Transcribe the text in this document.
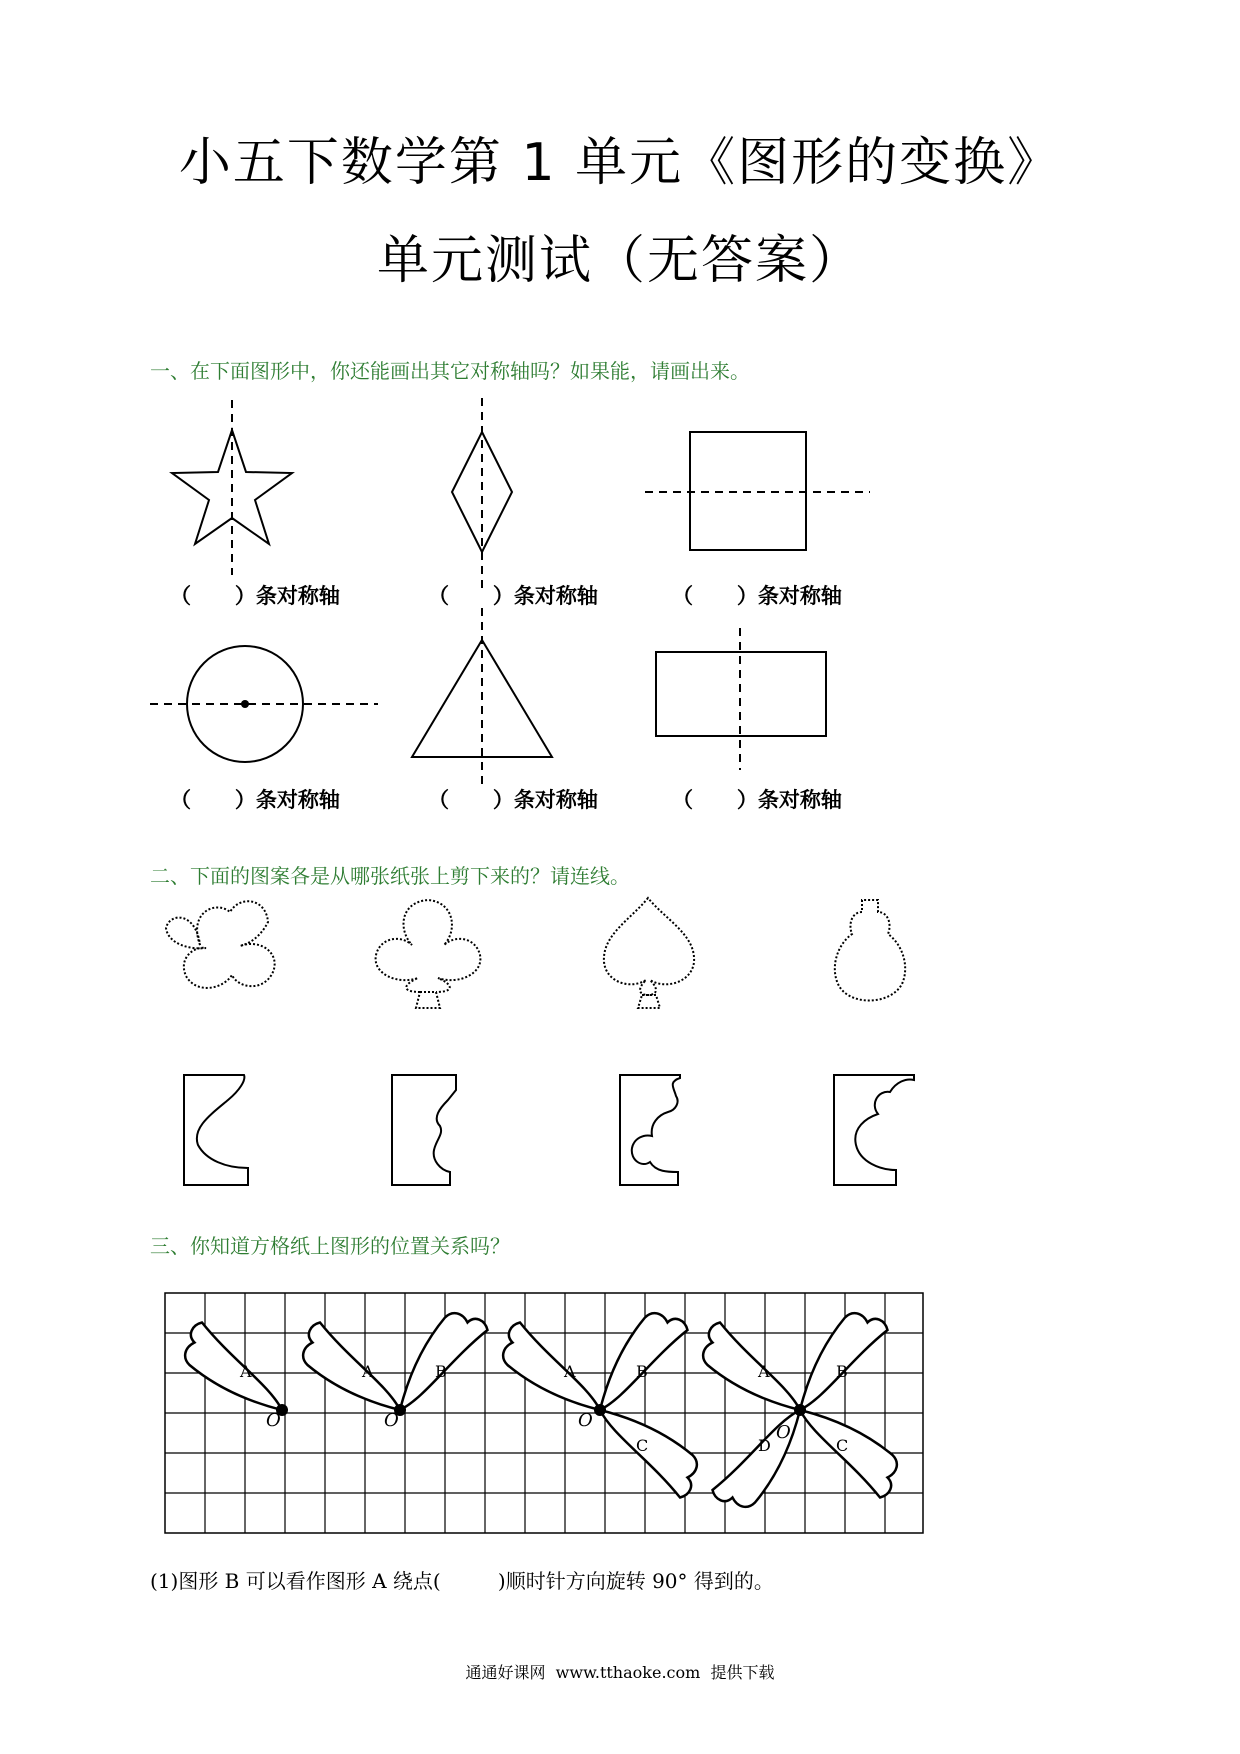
小五下数学第 1 单元《图形的变换》
单元测试（无答案）
一、在下面图形中，你还能画出其它对称轴吗？如果能，请画出来。
（      ）条对称轴	（      ）条对称轴	（      ）条对称轴
（      ）条对称轴	（      ）条对称轴	（      ）条对称轴
二、下面的图案各是从哪张纸张上剪下来的？请连线。
三、你知道方格纸上图形的位置关系吗？
A
O
A	B
O
A	B
C
O
A	B
C
D
O
(1)图形 B 可以看作图形 A 绕点(         )顺时针方向旋转 90° 得到的。
通通好课网  www.tthaoke.com  提供下载
